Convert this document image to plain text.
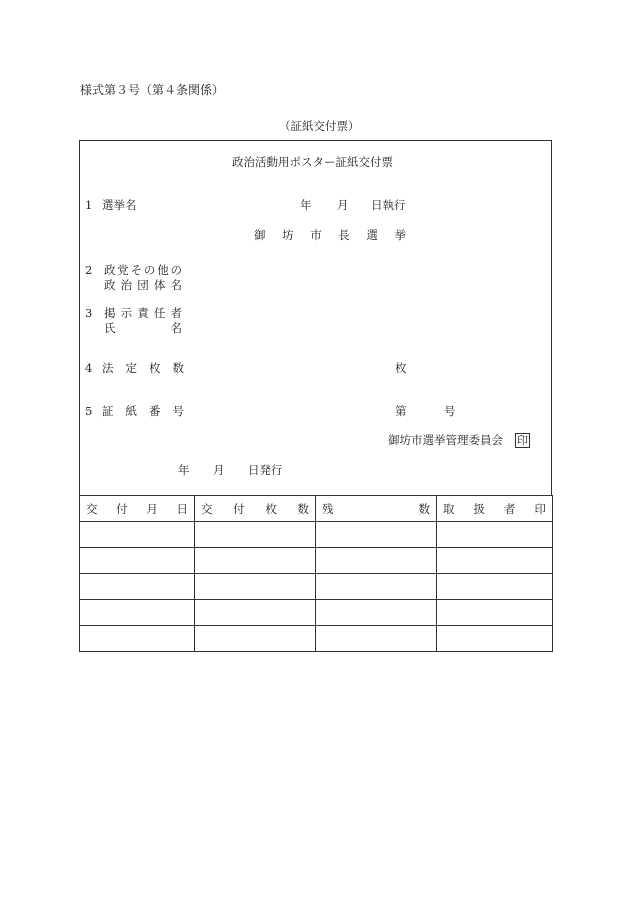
様式第３号（第４条関係）
（証紙交付票）
政治活動用ポスター証紙交付票
1 選挙名	年 月 日執行
御 坊 市 長 選 挙
2 政 党 そ の 他 の
政 治 団 体 名
3 掲 示 責 任 者
氏	名
4 法 定 枚 数	枚
5 証 紙 番 号	第	号
御坊市選挙管理委員会 印
年 月 日発行
交 付 月 日	交 付 枚 数	残 数	取 扱 者 印
